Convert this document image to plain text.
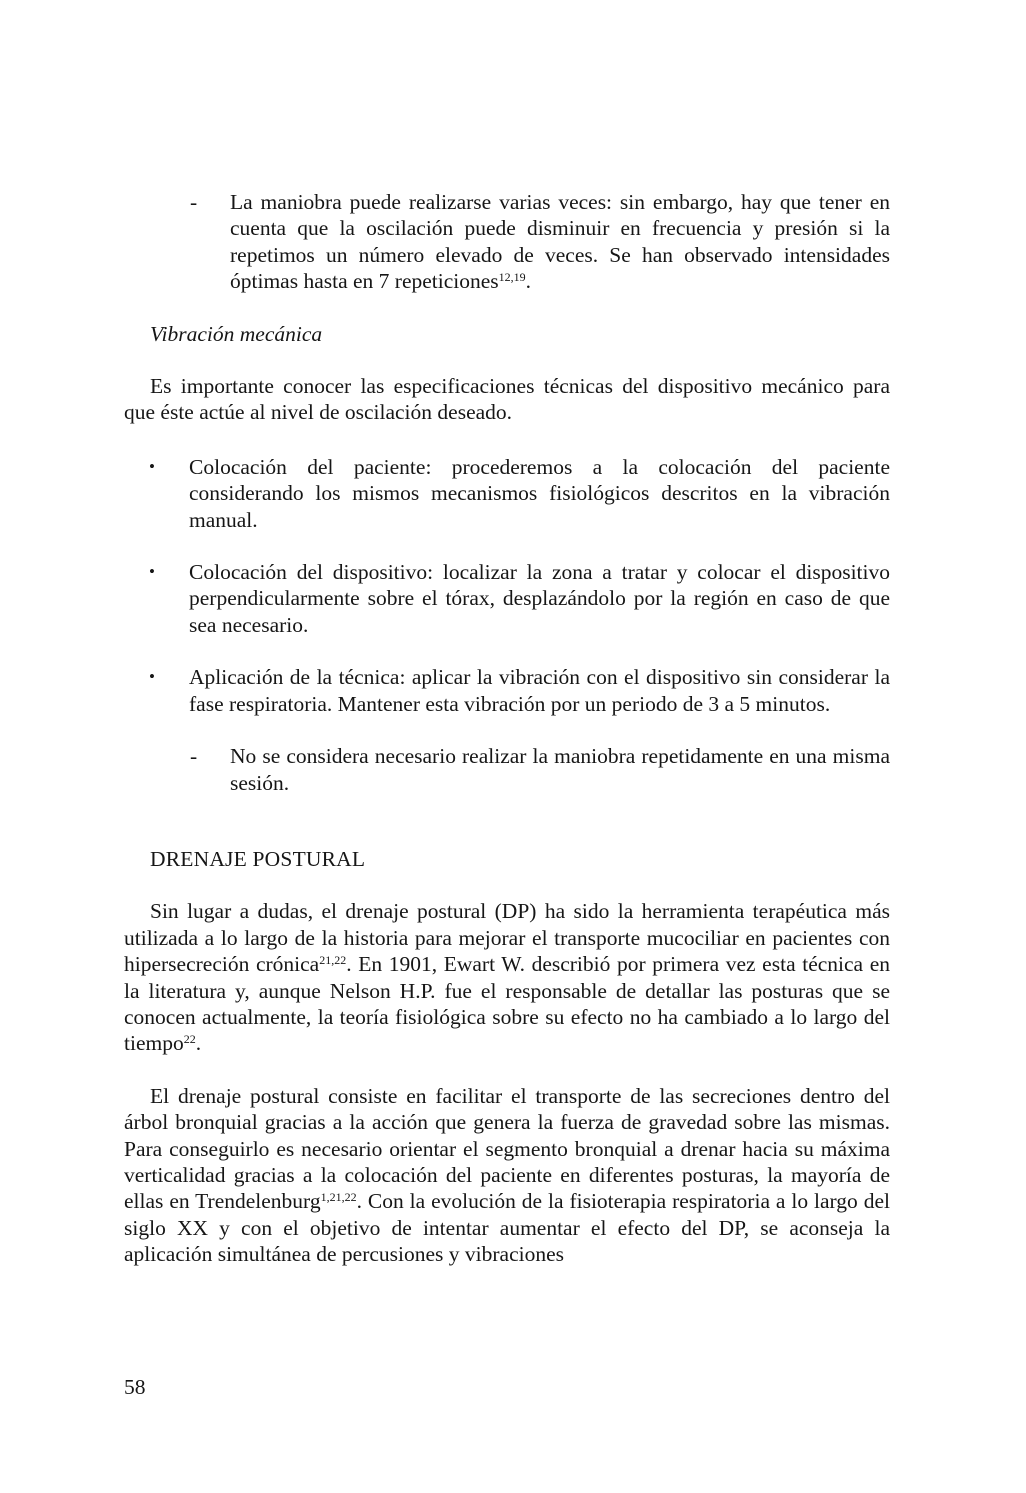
- La maniobra puede realizarse varias veces: sin embargo, hay que tener en cuenta que la oscilación puede disminuir en frecuencia y presión si la repetimos un número elevado de veces. Se han observado intensidades óptimas hasta en 7 repeticiones$^{12,19}$.

Vibración mecánica

Es importante conocer las especificaciones técnicas del dispositivo mecánico para que éste actúe al nivel de oscilación deseado.

• Colocación del paciente: procederemos a la colocación del paciente considerando los mismos mecanismos fisiológicos descritos en la vibración manual.

• Colocación del dispositivo: localizar la zona a tratar y colocar el dispositivo perpendicularmente sobre el tórax, desplazándolo por la región en caso de que sea necesario.

• Aplicación de la técnica: aplicar la vibración con el dispositivo sin considerar la fase respiratoria. Mantener esta vibración por un periodo de 3 a 5 minutos.

- No se considera necesario realizar la maniobra repetidamente en una misma sesión.

DRENAJE POSTURAL

Sin lugar a dudas, el drenaje postural (DP) ha sido la herramienta terapéutica más utilizada a lo largo de la historia para mejorar el transporte mucociliar en pacientes con hipersecreción crónica$^{21,22}$. En 1901, Ewart W. describió por primera vez esta técnica en la literatura y, aunque Nelson H.P. fue el responsable de detallar las posturas que se conocen actualmente, la teoría fisiológica sobre su efecto no ha cambiado a lo largo del tiempo$^{22}$.

El drenaje postural consiste en facilitar el transporte de las secreciones dentro del árbol bronquial gracias a la acción que genera la fuerza de gravedad sobre las mismas. Para conseguirlo es necesario orientar el segmento bronquial a drenar hacia su máxima verticalidad gracias a la colocación del paciente en diferentes posturas, la mayoría de ellas en Trendelenburg$^{1,21,22}$. Con la evolución de la fisioterapia respiratoria a lo largo del siglo XX y con el objetivo de intentar aumentar el efecto del DP, se aconseja la aplicación simultánea de percusiones y vibraciones

58
